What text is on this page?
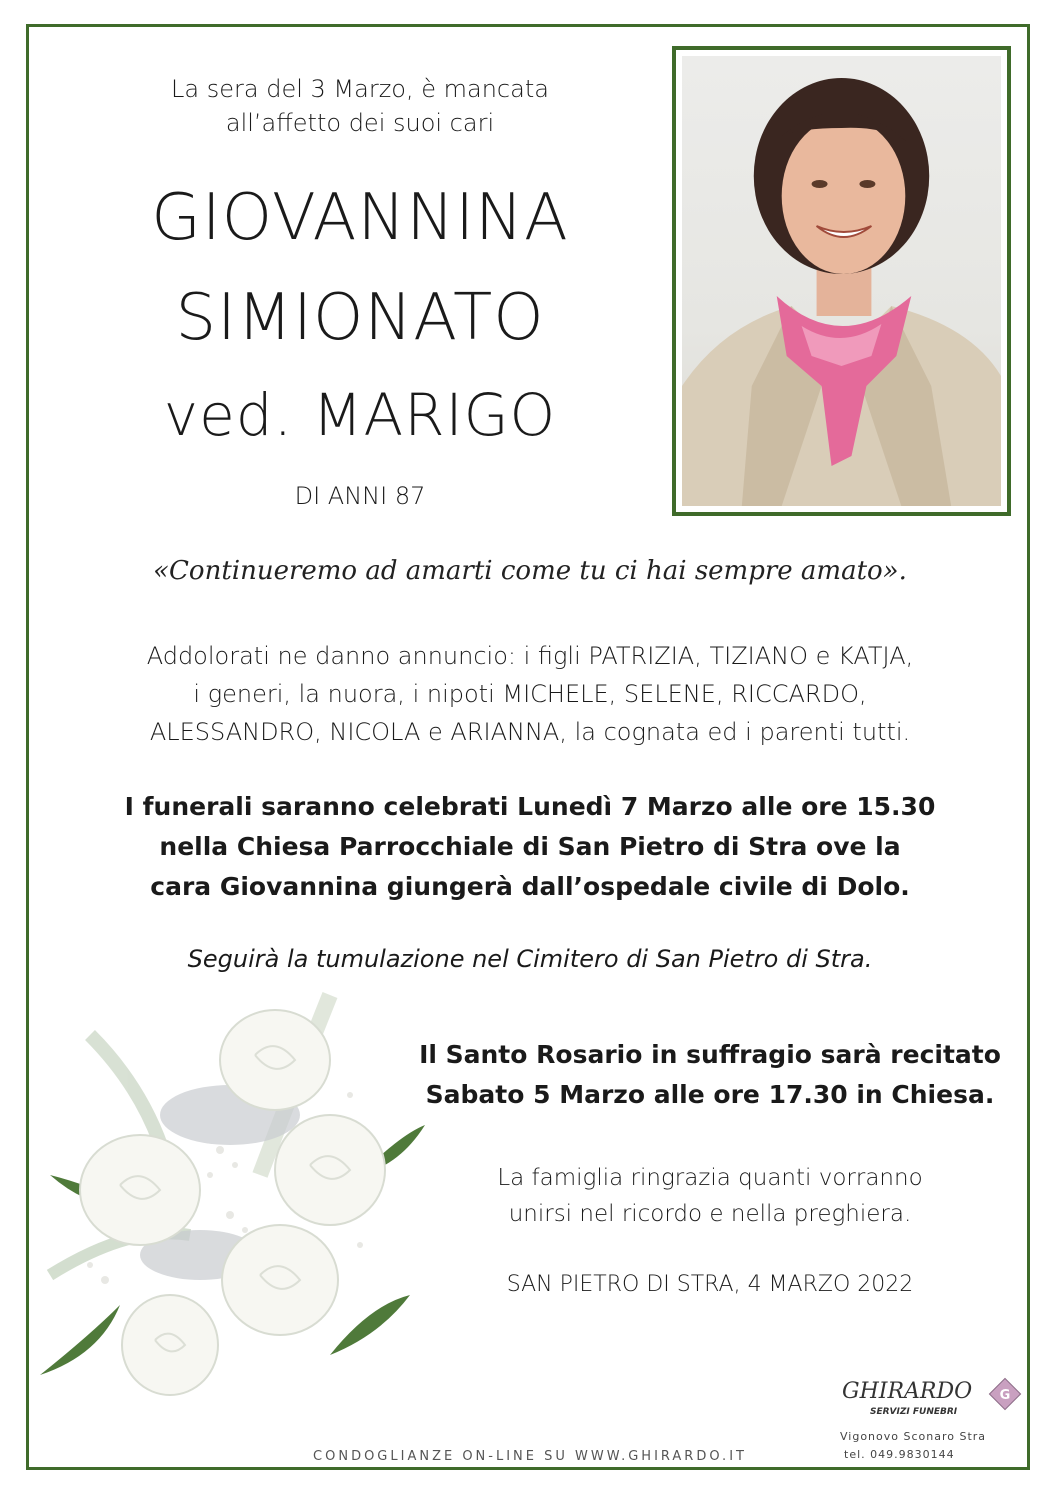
La sera del 3 Marzo, è mancata
all’affetto dei suoi cari
GIOVANNINA
SIMIONATO
ved. MARIGO
DI ANNI 87
«Continueremo ad amarti come tu ci hai sempre amato».
Addolorati ne danno annuncio: i figli PATRIZIA, TIZIANO e KATJA,
i generi, la nuora, i nipoti MICHELE, SELENE, RICCARDO,
ALESSANDRO, NICOLA e ARIANNA, la cognata ed i parenti tutti.
I funerali saranno celebrati Lunedì 7 Marzo alle ore 15.30
nella Chiesa Parrocchiale di San Pietro di Stra ove la
cara Giovannina giungerà dall’ospedale civile di Dolo.
Seguirà la tumulazione nel Cimitero di San Pietro di Stra.
Il Santo Rosario in suffragio sarà recitato
Sabato 5 Marzo alle ore 17.30 in Chiesa.
La famiglia ringrazia quanti vorranno
unirsi nel ricordo e nella preghiera.
SAN PIETRO DI STRA, 4 MARZO 2022
GHIRARDO
SERVIZI FUNEBRI
G
Vigonovo Sconaro Stra
tel. 049.9830144
CONDOGLIANZE ON-LINE SU WWW.GHIRARDO.IT
